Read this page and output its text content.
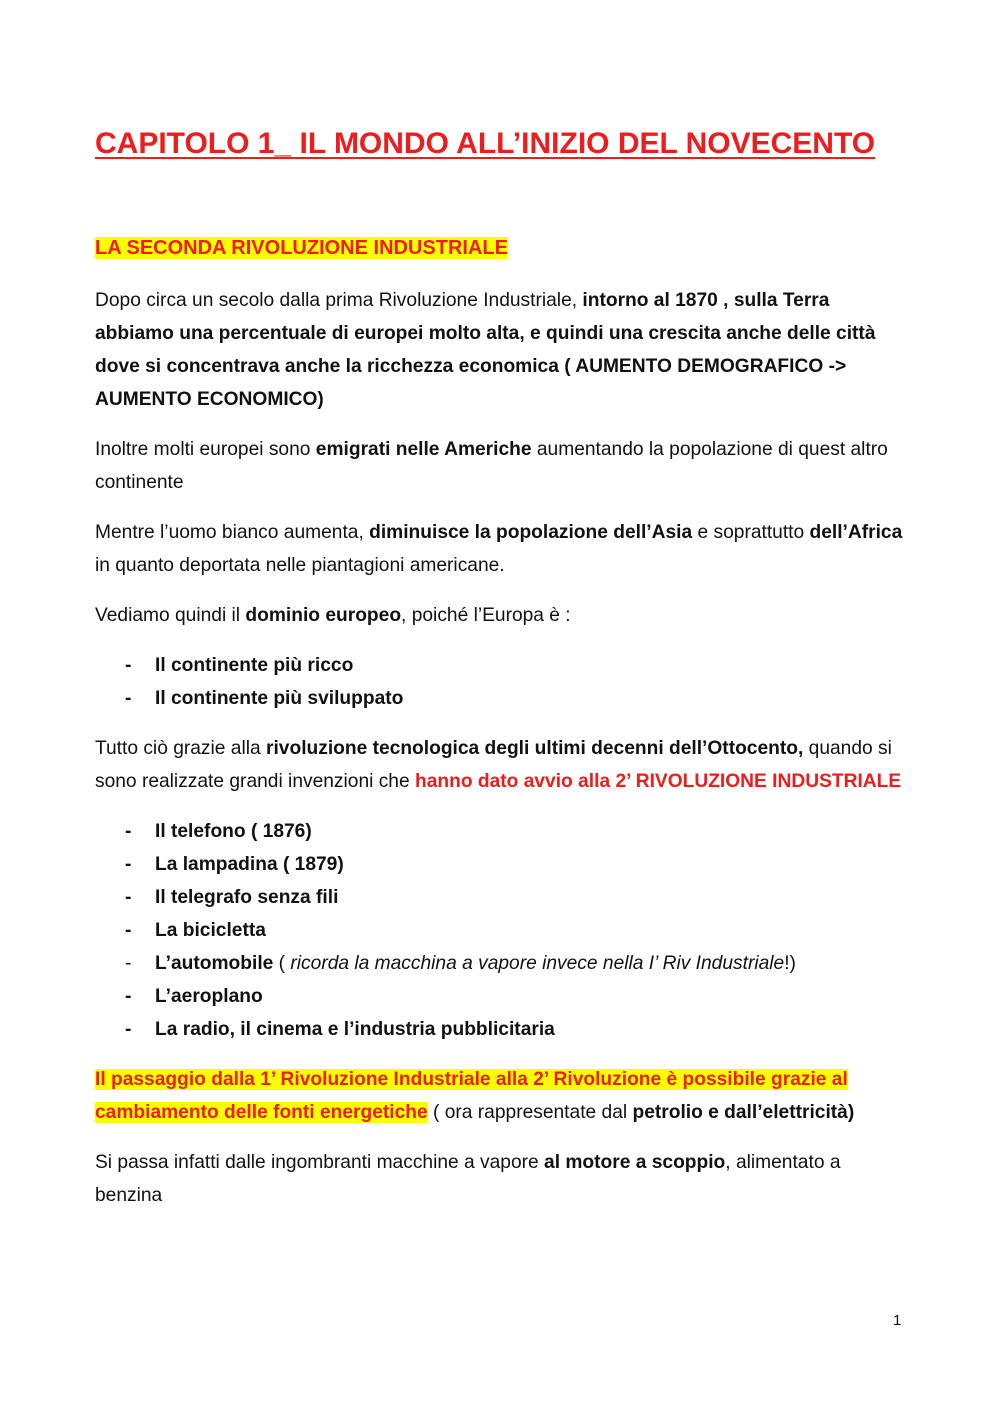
CAPITOLO 1_ IL MONDO ALL’INIZIO DEL NOVECENTO
LA SECONDA RIVOLUZIONE INDUSTRIALE

Dopo circa un secolo dalla prima Rivoluzione Industriale, intorno al 1870 , sulla Terra abbiamo una percentuale di europei molto alta, e quindi una crescita anche delle città dove si concentrava anche la ricchezza economica ( AUMENTO DEMOGRAFICO -> AUMENTO ECONOMICO)

Inoltre molti europei sono emigrati nelle Americhe aumentando la popolazione di quest altro continente

Mentre l’uomo bianco aumenta, diminuisce la popolazione dell’Asia e soprattutto dell’Africa in quanto deportata nelle piantagioni americane.

Vediamo quindi il dominio europeo, poiché l’Europa è :

- Il continente più ricco
- Il continente più sviluppato

Tutto ciò grazie alla rivoluzione tecnologica degli ultimi decenni dell’Ottocento, quando si sono realizzate grandi invenzioni che hanno dato avvio alla 2’ RIVOLUZIONE INDUSTRIALE

- Il telefono ( 1876)
- La lampadina ( 1879)
- Il telegrafo senza fili
- La bicicletta
- L’automobile ( ricorda la macchina a vapore invece nella I’ Riv Industriale!)
- L’aeroplano
- La radio, il cinema e l’industria pubblicitaria

Il passaggio dalla 1’ Rivoluzione Industriale alla 2’ Rivoluzione è possibile grazie al cambiamento delle fonti energetiche ( ora rappresentate dal petrolio e dall’elettricità)

Si passa infatti dalle ingombranti macchine a vapore al motore a scoppio, alimentato a benzina

1
